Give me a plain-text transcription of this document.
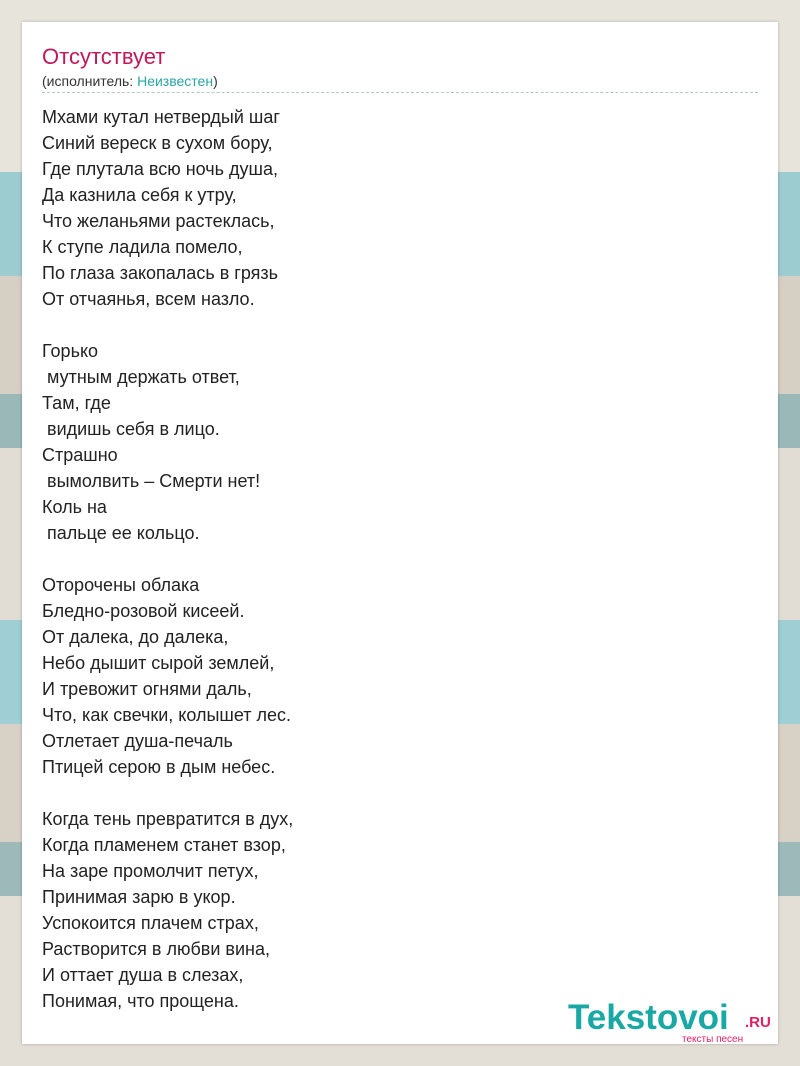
Отсутствует
(исполнитель: Неизвестен)
Мхами кутал нетвердый шаг
Синий вереск в сухом бору,
Где плутала всю ночь душа,
Да казнила себя к утру,
Что желаньями растеклась,
К ступе ладила помело,
По глаза закопалась в грязь
От отчаянья, всем назло.

Горько
мутным держать ответ,
Там, где
видишь себя в лицо.
Страшно
вымолвить – Смерти нет!
Коль на
пальце ее кольцо.

Оторочены облака
Бледно-розовой кисеей.
От далека, до далека,
Небо дышит сырой землей,
И тревожит огнями даль,
Что, как свечки, колышет лес.
Отлетает душа-печаль
Птицей серою в дым небес.

Когда тень превратится в дух,
Когда пламенем станет взор,
На заре промолчит петух,
Принимая зарю в укор.
Успокоится плачем страх,
Растворится в любви вина,
И оттает душа в слезах,
Понимая, что прощена.	Tekstovoi .RU
тексты песен
